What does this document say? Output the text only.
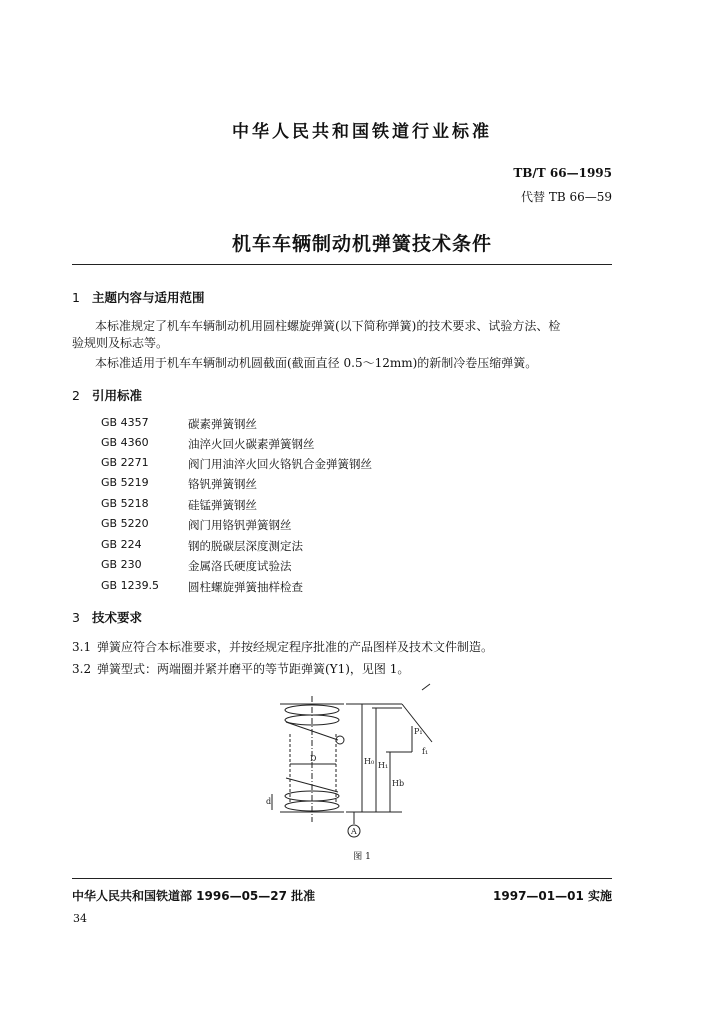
中华人民共和国铁道行业标准
TB/T 66—1995
代替 TB 66—59
机车车辆制动机弹簧技术条件
1 主题内容与适用范围
本标准规定了机车车辆制动机用圆柱螺旋弹簧(以下简称弹簧)的技术要求、试验方法、检
验规则及标志等。
本标准适用于机车车辆制动机圆截面(截面直径 0.5～12mm)的新制冷卷压缩弹簧。
2 引用标准
GB 4357	碳素弹簧钢丝
GB 4360	油淬火回火碳素弹簧钢丝
GB 2271	阀门用油淬火回火铬钒合金弹簧钢丝
GB 5219	铬钒弹簧钢丝
GB 5218	硅锰弹簧钢丝
GB 5220	阀门用铬钒弹簧钢丝
GB 224	钢的脱碳层深度测定法
GB 230	金属洛氏硬度试验法
GB 1239.5	圆柱螺旋弹簧抽样检查
3 技术要求
3.1 弹簧应符合本标准要求，并按经规定程序批准的产品图样及技术文件制造。
3.2 弹簧型式：两端圈并紧并磨平的等节距弹簧(Y1)，见图 1。
D
d
H₀ H₁
Hb
P₁
f₁
A
图 1
中华人民共和国铁道部 1996—05—27 批准	1997—01—01 实施
34
